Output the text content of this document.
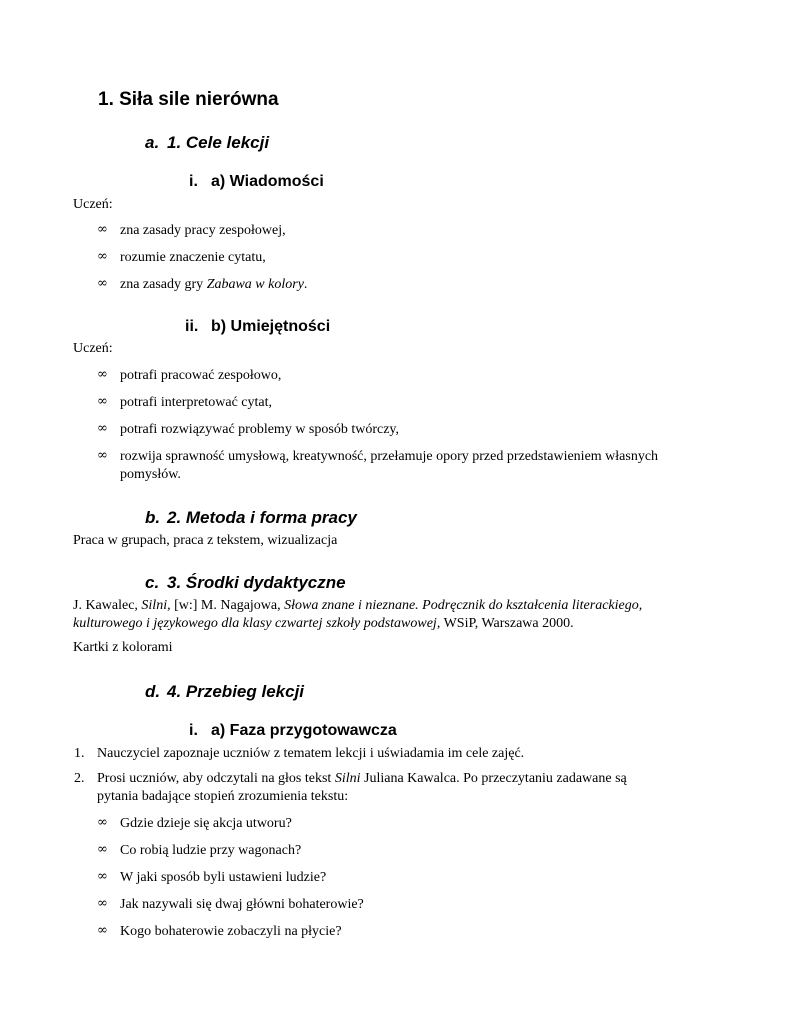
1. Siła sile nierówna
a. 1. Cele lekcji
i. a) Wiadomości
Uczeń:
∞ zna zasady pracy zespołowej,
∞ rozumie znaczenie cytatu,
∞ zna zasady gry Zabawa w kolory.
ii. b) Umiejętności
Uczeń:
∞ potrafi pracować zespołowo,
∞ potrafi interpretować cytat,
∞ potrafi rozwiązywać problemy w sposób twórczy,
∞ rozwija sprawność umysłową, kreatywność, przełamuje opory przed przedstawieniem własnych
pomysłów.
b. 2. Metoda i forma pracy
Praca w grupach, praca z tekstem, wizualizacja
c. 3. Środki dydaktyczne
J. Kawalec, Silni, [w:] M. Nagajowa, Słowa znane i nieznane. Podręcznik do kształcenia literackiego,
kulturowego i językowego dla klasy czwartej szkoły podstawowej, WSiP, Warszawa 2000.
Kartki z kolorami
d. 4. Przebieg lekcji
i. a) Faza przygotowawcza
1. Nauczyciel zapoznaje uczniów z tematem lekcji i uświadamia im cele zajęć.
2. Prosi uczniów, aby odczytali na głos tekst Silni Juliana Kawalca. Po przeczytaniu zadawane są
pytania badające stopień zrozumienia tekstu:
∞ Gdzie dzieje się akcja utworu?
∞ Co robią ludzie przy wagonach?
∞ W jaki sposób byli ustawieni ludzie?
∞ Jak nazywali się dwaj główni bohaterowie?
∞ Kogo bohaterowie zobaczyli na płycie?
